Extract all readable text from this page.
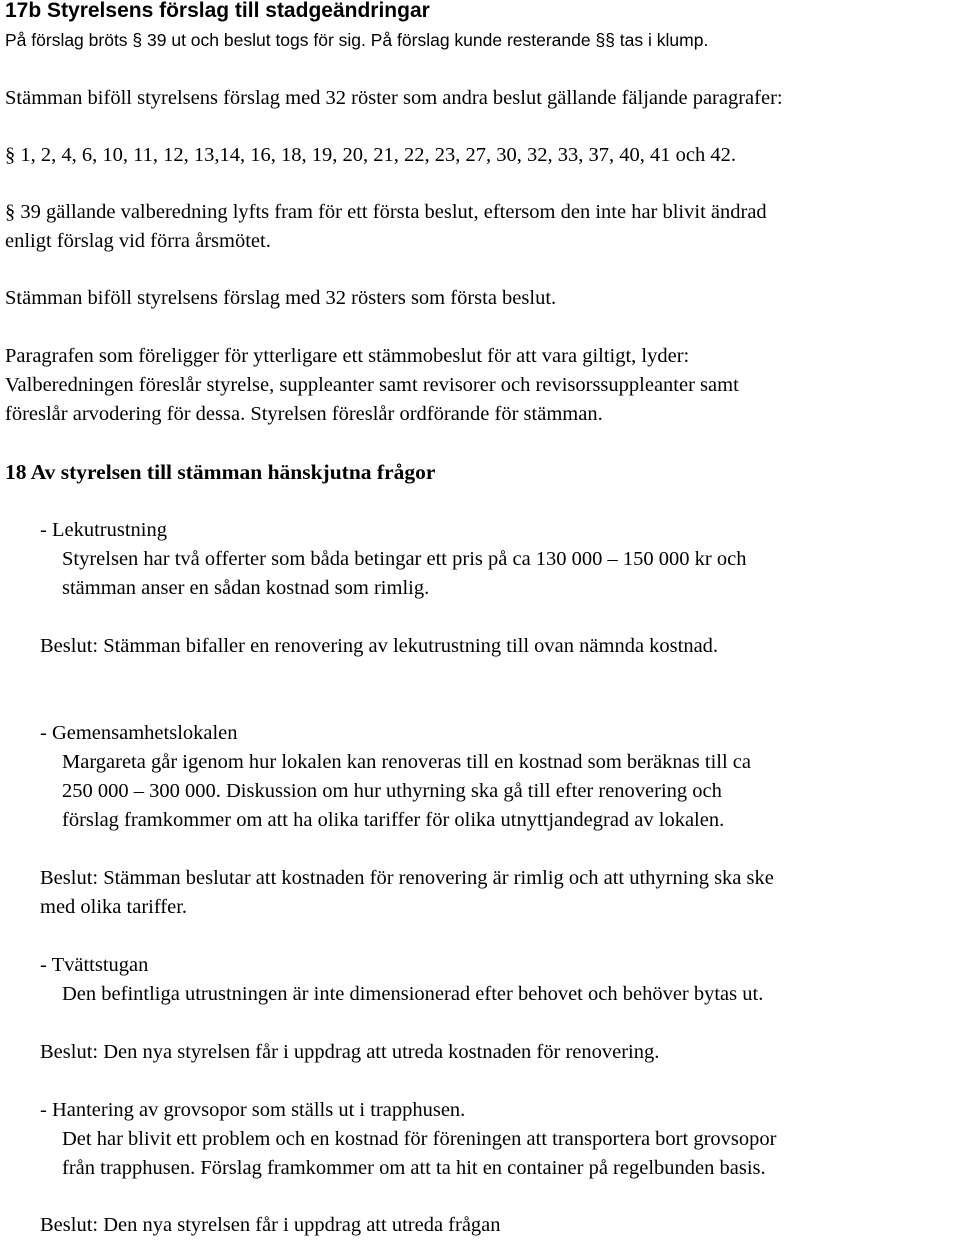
17b Styrelsens förslag till stadgeändringar
På förslag bröts § 39 ut och beslut togs för sig. På förslag kunde resterande §§ tas i klump.
Stämman biföll styrelsens förslag med 32 röster som andra beslut gällande fäljande paragrafer:
§ 1, 2, 4, 6, 10, 11, 12, 13,14, 16, 18, 19, 20, 21, 22, 23, 27, 30, 32, 33, 37, 40, 41 och 42.
§ 39 gällande valberedning lyfts fram för ett första beslut, eftersom den inte har blivit ändrad
enligt förslag vid förra årsmötet.
Stämman biföll styrelsens förslag med 32 rösters som första beslut.
Paragrafen som föreligger för ytterligare ett stämmobeslut för att vara giltigt, lyder:
Valberedningen föreslår styrelse, suppleanter samt revisorer och revisorssuppleanter samt
föreslår arvodering för dessa. Styrelsen föreslår ordförande för stämman.
18 Av styrelsen till stämman hänskjutna frågor
- Lekutrustning
Styrelsen har två offerter som båda betingar ett pris på ca 130 000 – 150 000 kr och
stämman anser en sådan kostnad som rimlig.
Beslut: Stämman bifaller en renovering av lekutrustning till ovan nämnda kostnad.
- Gemensamhetslokalen
Margareta går igenom hur lokalen kan renoveras till en kostnad som beräknas till ca
250 000 – 300 000. Diskussion om hur uthyrning ska gå till efter renovering och
förslag framkommer om att ha olika tariffer för olika utnyttjandegrad av lokalen.
Beslut: Stämman beslutar att kostnaden för renovering är rimlig och att uthyrning ska ske
med olika tariffer.
- Tvättstugan
Den befintliga utrustningen är inte dimensionerad efter behovet och behöver bytas ut.
Beslut: Den nya styrelsen får i uppdrag att utreda kostnaden för renovering.
- Hantering av grovsopor som ställs ut i trapphusen.
Det har blivit ett problem och en kostnad för föreningen att transportera bort grovsopor
från trapphusen. Förslag framkommer om att ta hit en container på regelbunden basis.
Beslut: Den nya styrelsen får i uppdrag att utreda frågan
